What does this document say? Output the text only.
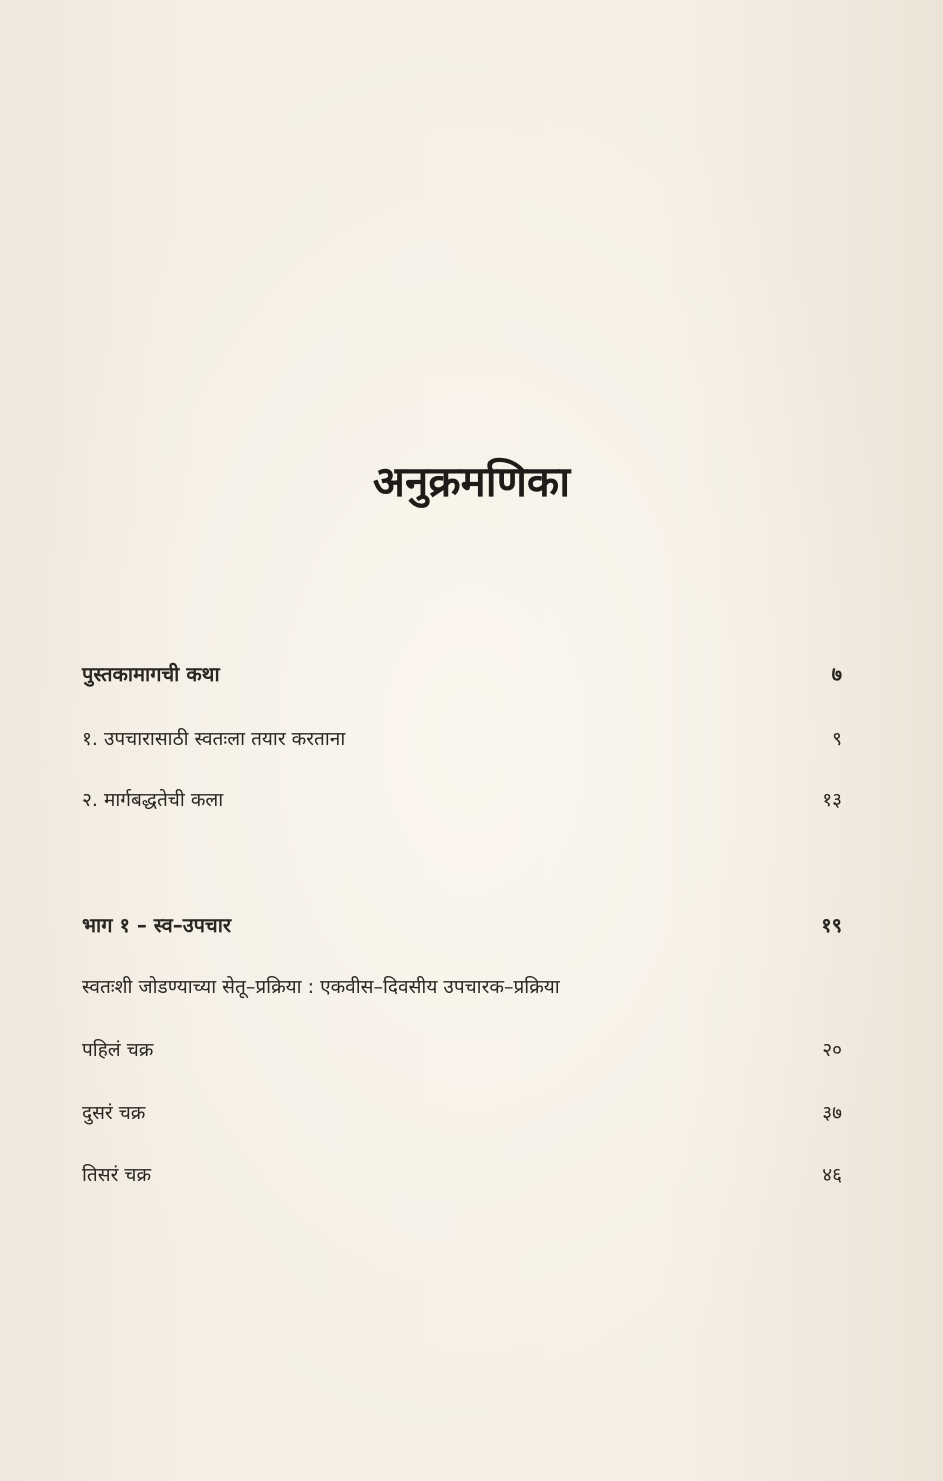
अनुक्रमणिका
पुस्तकामागची कथा	७
१. उपचारासाठी स्वतःला तयार करताना	९
२. मार्गबद्धतेची कला	१३
भाग १ – स्व–उपचार	१९
स्वतःशी जोडण्याच्या सेतू–प्रक्रिया : एकवीस–दिवसीय उपचारक–प्रक्रिया
पहिलं चक्र	२०
दुसरं चक्र	३७
तिसरं चक्र	४६
